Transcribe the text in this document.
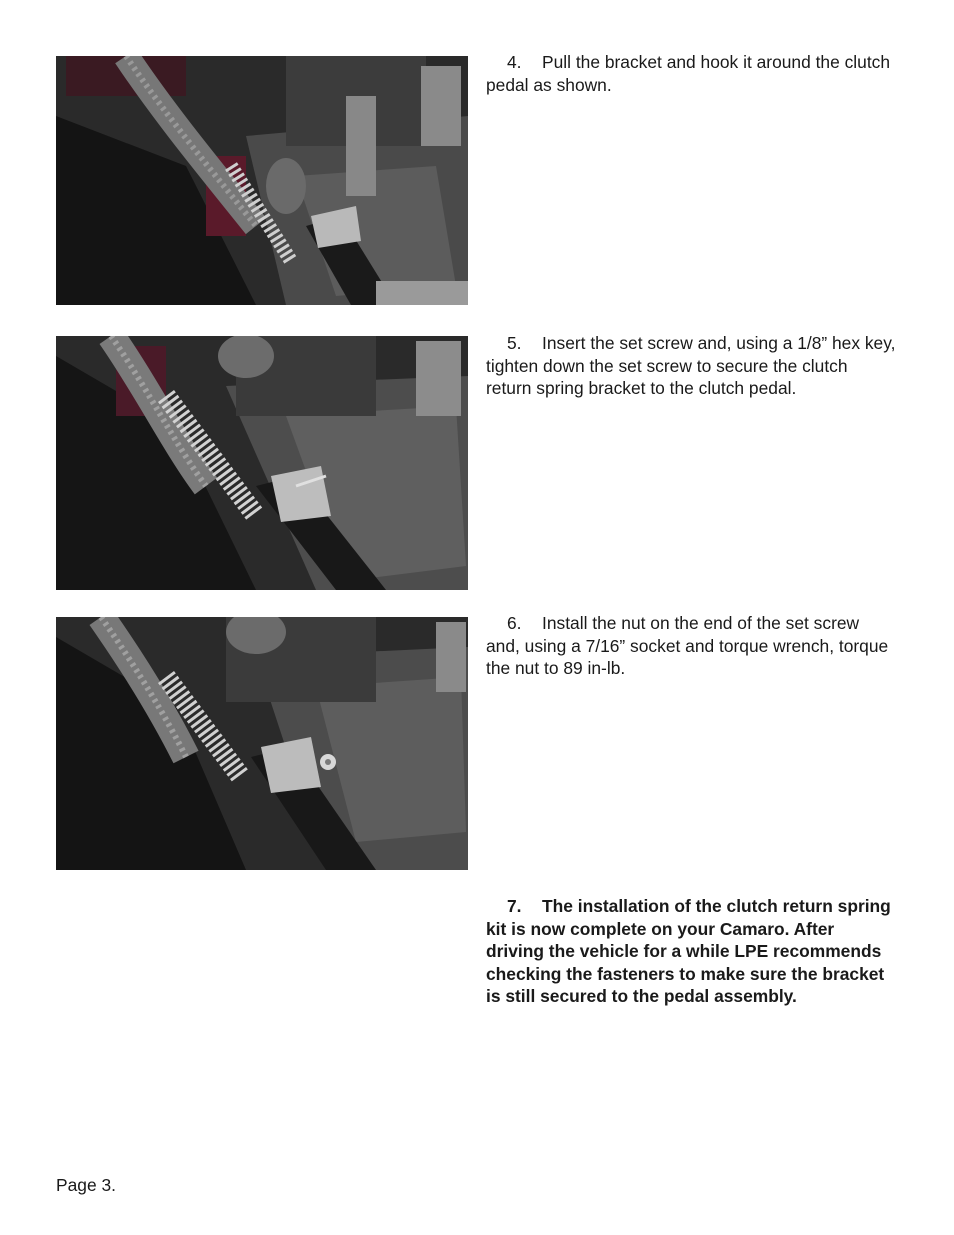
4. Pull the bracket and hook it around the clutch pedal as shown.

5. Insert the set screw and, using a 1/8” hex key, tighten down the set screw to secure the clutch return spring bracket to the clutch pedal.

6. Install the nut on the end of the set screw and, using a 7/16” socket and torque wrench, torque the nut to 89 in-lb.

7. The installation of the clutch return spring kit is now complete on your Camaro. After driving the vehicle for a while LPE recommends checking the fasteners to make sure the bracket is still secured to the pedal assembly.

Page 3.
